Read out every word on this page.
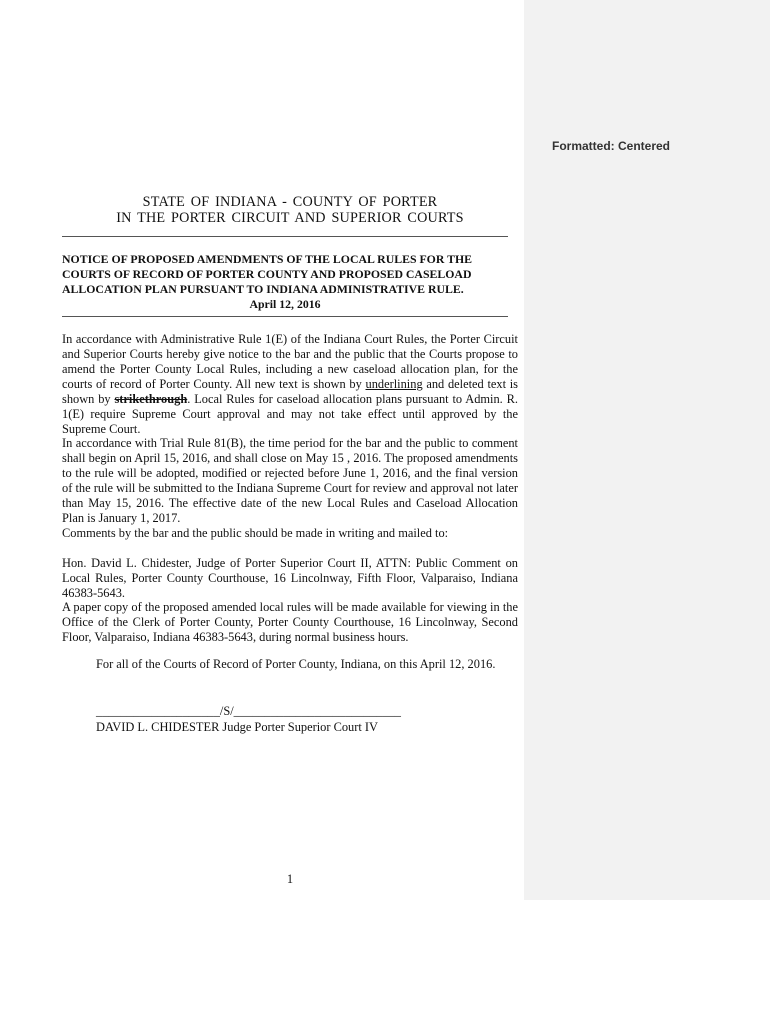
Formatted: Centered
STATE OF INDIANA - COUNTY OF PORTER
IN THE PORTER CIRCUIT AND SUPERIOR COURTS
NOTICE OF PROPOSED AMENDMENTS OF THE LOCAL RULES FOR THE COURTS OF RECORD OF PORTER COUNTY AND PROPOSED CASELOAD ALLOCATION PLAN PURSUANT TO INDIANA ADMINISTRATIVE RULE.
April 12, 2016

In accordance with Administrative Rule 1(E) of the Indiana Court Rules, the Porter Circuit and Superior Courts hereby give notice to the bar and the public that the Courts propose to amend the Porter County Local Rules, including a new caseload allocation plan, for the courts of record of Porter County. All new text is shown by underlining and deleted text is shown by strikethrough. Local Rules for caseload allocation plans pursuant to Admin. R. 1(E) require Supreme Court approval and may not take effect until approved by the Supreme Court.

In accordance with Trial Rule 81(B), the time period for the bar and the public to comment shall begin on April 15, 2016, and shall close on May 15 , 2016. The proposed amendments to the rule will be adopted, modified or rejected before June 1, 2016, and the final version of the rule will be submitted to the Indiana Supreme Court for review and approval not later than May 15, 2016. The effective date of the new Local Rules and Caseload Allocation Plan is January 1, 2017.

Comments by the bar and the public should be made in writing and mailed to:

Hon. David L. Chidester, Judge of Porter Superior Court II, ATTN: Public Comment on Local Rules, Porter County Courthouse, 16 Lincolnway, Fifth Floor, Valparaiso, Indiana 46383-5643.

A paper copy of the proposed amended local rules will be made available for viewing in the Office of the Clerk of Porter County, Porter County Courthouse, 16 Lincolnway, Second Floor, Valparaiso, Indiana 46383-5643, during normal business hours.

For all of the Courts of Record of Porter County, Indiana, on this April 12, 2016.

____________________/S/___________________________
DAVID L. CHIDESTER Judge Porter Superior Court IV
1
